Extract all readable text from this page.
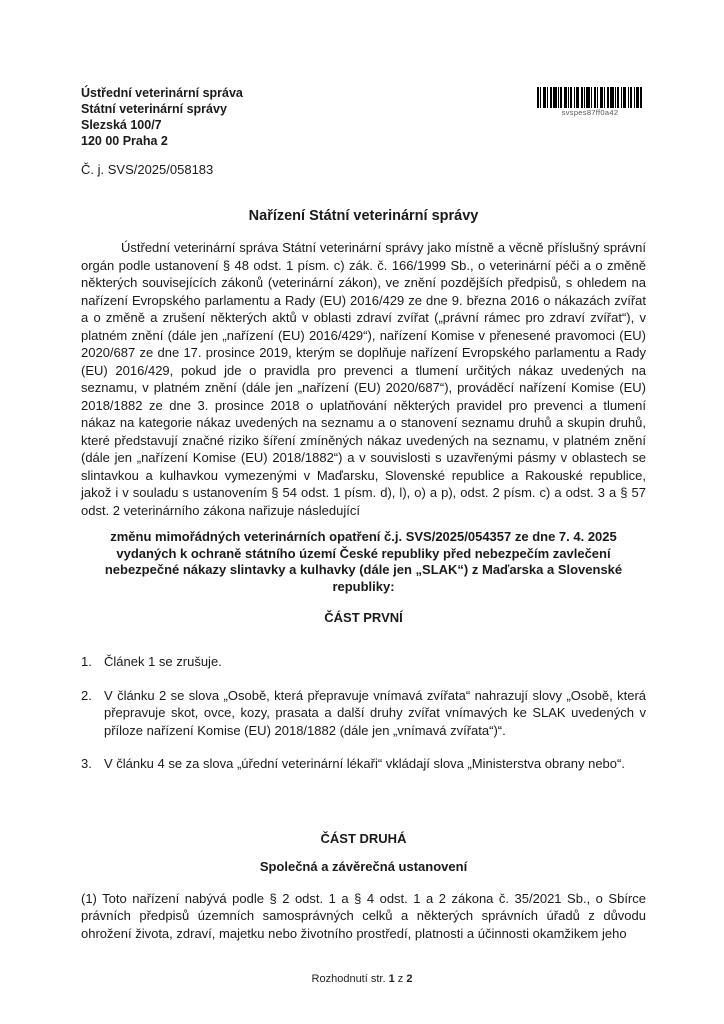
Ústřední veterinární správa
Státní veterinární správy
Slezská 100/7
120 00 Praha 2
svspes87ff0a42
Č. j. SVS/2025/058183
Nařízení Státní veterinární správy

Ústřední veterinární správa Státní veterinární správy jako místně a věcně příslušný správní orgán podle ustanovení § 48 odst. 1 písm. c) zák. č. 166/1999 Sb., o veterinární péči a o změně některých souvisejících zákonů (veterinární zákon), ve znění pozdějších předpisů, s ohledem na nařízení Evropského parlamentu a Rady (EU) 2016/429 ze dne 9. března 2016 o nákazách zvířat a o změně a zrušení některých aktů v oblasti zdraví zvířat („právní rámec pro zdraví zvířat“), v platném znění (dále jen „nařízení (EU) 2016/429“), nařízení Komise v přenesené pravomoci (EU) 2020/687 ze dne 17. prosince 2019, kterým se doplňuje nařízení Evropského parlamentu a Rady (EU) 2016/429, pokud jde o pravidla pro prevenci a tlumení určitých nákaz uvedených na seznamu, v platném znění (dále jen „nařízení (EU) 2020/687“), prováděcí nařízení Komise (EU) 2018/1882 ze dne 3. prosince 2018 o uplatňování některých pravidel pro prevenci a tlumení nákaz na kategorie nákaz uvedených na seznamu a o stanovení seznamu druhů a skupin druhů, které představují značné riziko šíření zmíněných nákaz uvedených na seznamu, v platném znění (dále jen „nařízení Komise (EU) 2018/1882“) a v souvislosti s uzavřenými pásmy v oblastech se slintavkou a kulhavkou vymezenými v Maďarsku, Slovenské republice a Rakouské republice, jakož i v souladu s ustanovením § 54 odst. 1 písm. d), l), o) a p), odst. 2 písm. c) a odst. 3 a § 57 odst. 2 veterinárního zákona nařizuje následující

změnu mimořádných veterinárních opatření č.j. SVS/2025/054357 ze dne 7. 4. 2025 vydaných k ochraně státního území České republiky před nebezpečím zavlečení nebezpečné nákazy slintavky a kulhavky (dále jen „SLAK“) z Maďarska a Slovenské republiky:

ČÁST PRVNÍ
1. Článek 1 se zrušuje.
2. V článku 2 se slova „Osobě, která přepravuje vnímavá zvířata“ nahrazují slovy „Osobě, která přepravuje skot, ovce, kozy, prasata a další druhy zvířat vnímavých ke SLAK uvedených v příloze nařízení Komise (EU) 2018/1882 (dále jen „vnímavá zvířata“)“.
3. V článku 4 se za slova „úřední veterinární lékaři“ vkládají slova „Ministerstva obrany nebo“.
ČÁST DRUHÁ
Společná a závěrečná ustanovení

(1) Toto nařízení nabývá podle § 2 odst. 1 a § 4 odst. 1 a 2 zákona č. 35/2021 Sb., o Sbírce právních předpisů územních samosprávných celků a některých správních úřadů z důvodu ohrožení života, zdraví, majetku nebo životního prostředí, platnosti a účinnosti okamžikem jeho

Rozhodnutí str. 1 z 2
